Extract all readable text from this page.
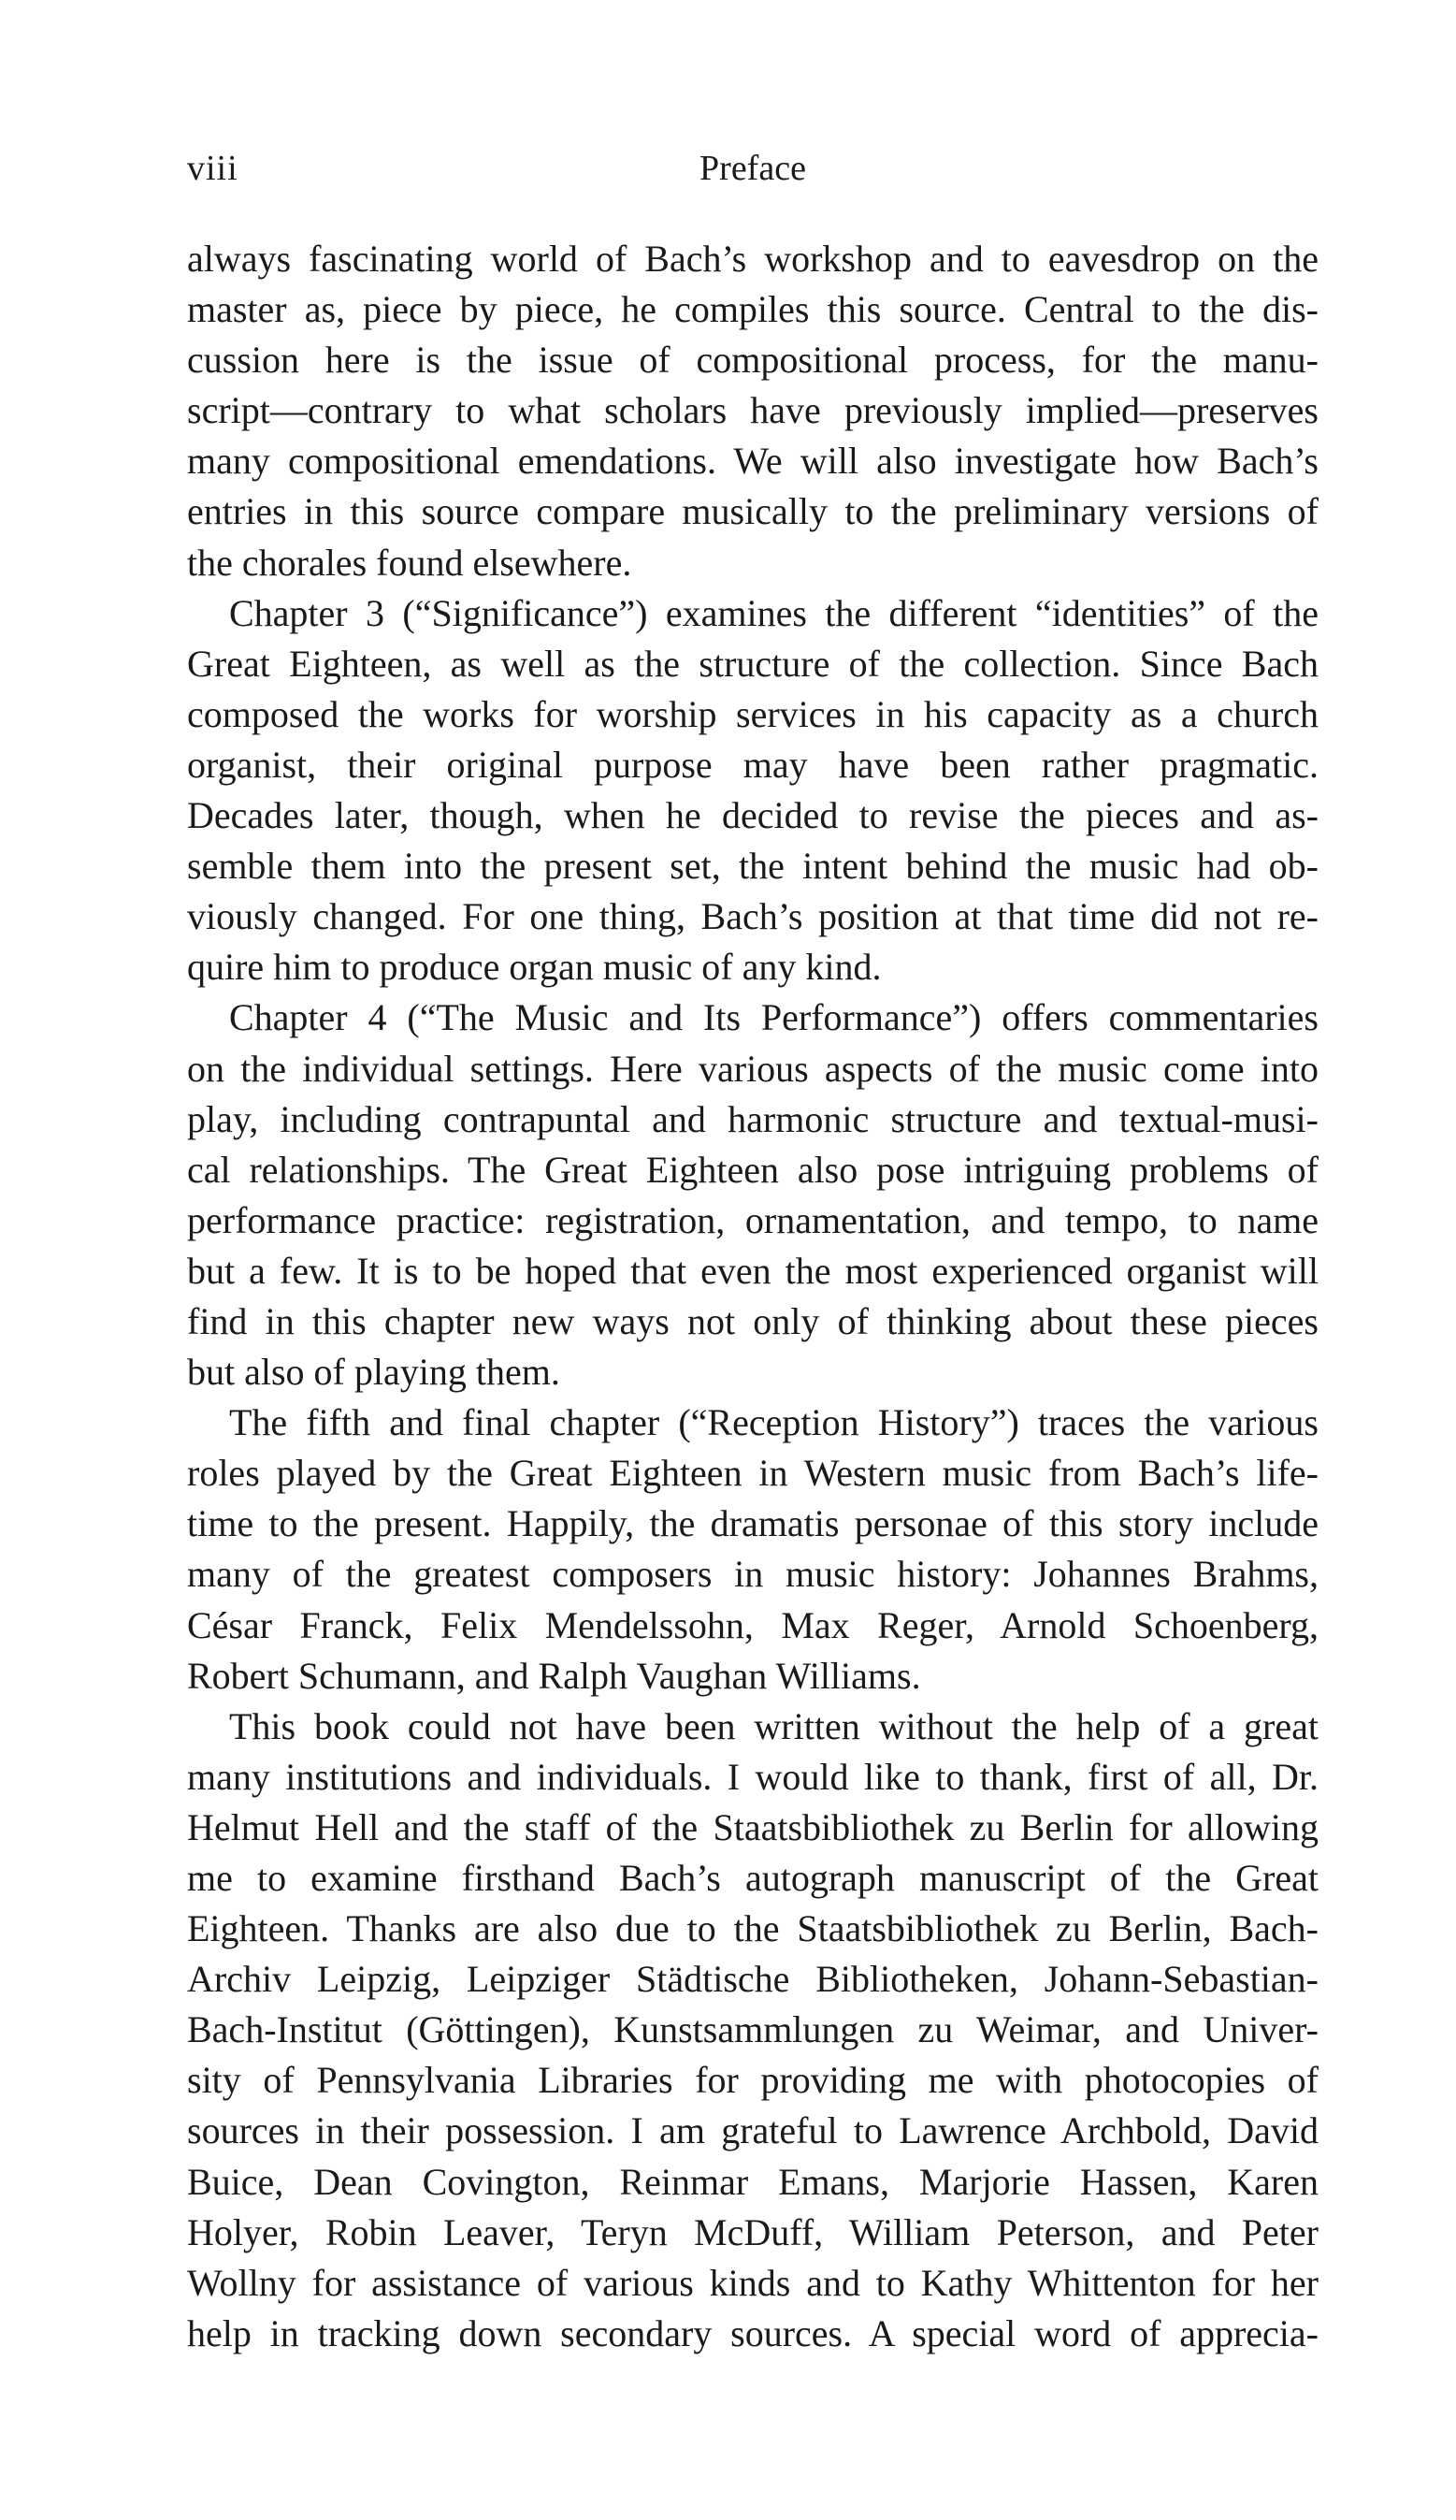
viii	Preface
always fascinating world of Bach’s workshop and to eavesdrop on the
master as, piece by piece, he compiles this source. Central to the dis-
cussion here is the issue of compositional process, for the manu-
script—contrary to what scholars have previously implied—preserves
many compositional emendations. We will also investigate how Bach’s
entries in this source compare musically to the preliminary versions of
the chorales found elsewhere.
Chapter 3 (“Significance”) examines the different “identities” of the
Great Eighteen, as well as the structure of the collection. Since Bach
composed the works for worship services in his capacity as a church
organist, their original purpose may have been rather pragmatic.
Decades later, though, when he decided to revise the pieces and as-
semble them into the present set, the intent behind the music had ob-
viously changed. For one thing, Bach’s position at that time did not re-
quire him to produce organ music of any kind.
Chapter 4 (“The Music and Its Performance”) offers commentaries
on the individual settings. Here various aspects of the music come into
play, including contrapuntal and harmonic structure and textual-musi-
cal relationships. The Great Eighteen also pose intriguing problems of
performance practice: registration, ornamentation, and tempo, to name
but a few. It is to be hoped that even the most experienced organist will
find in this chapter new ways not only of thinking about these pieces
but also of playing them.
The fifth and final chapter (“Reception History”) traces the various
roles played by the Great Eighteen in Western music from Bach’s life-
time to the present. Happily, the dramatis personae of this story include
many of the greatest composers in music history: Johannes Brahms,
César Franck, Felix Mendelssohn, Max Reger, Arnold Schoenberg,
Robert Schumann, and Ralph Vaughan Williams.
This book could not have been written without the help of a great
many institutions and individuals. I would like to thank, first of all, Dr.
Helmut Hell and the staff of the Staatsbibliothek zu Berlin for allowing
me to examine firsthand Bach’s autograph manuscript of the Great
Eighteen. Thanks are also due to the Staatsbibliothek zu Berlin, Bach-
Archiv Leipzig, Leipziger Städtische Bibliotheken, Johann-Sebastian-
Bach-Institut (Göttingen), Kunstsammlungen zu Weimar, and Univer-
sity of Pennsylvania Libraries for providing me with photocopies of
sources in their possession. I am grateful to Lawrence Archbold, David
Buice, Dean Covington, Reinmar Emans, Marjorie Hassen, Karen
Holyer, Robin Leaver, Teryn McDuff, William Peterson, and Peter
Wollny for assistance of various kinds and to Kathy Whittenton for her
help in tracking down secondary sources. A special word of apprecia-
